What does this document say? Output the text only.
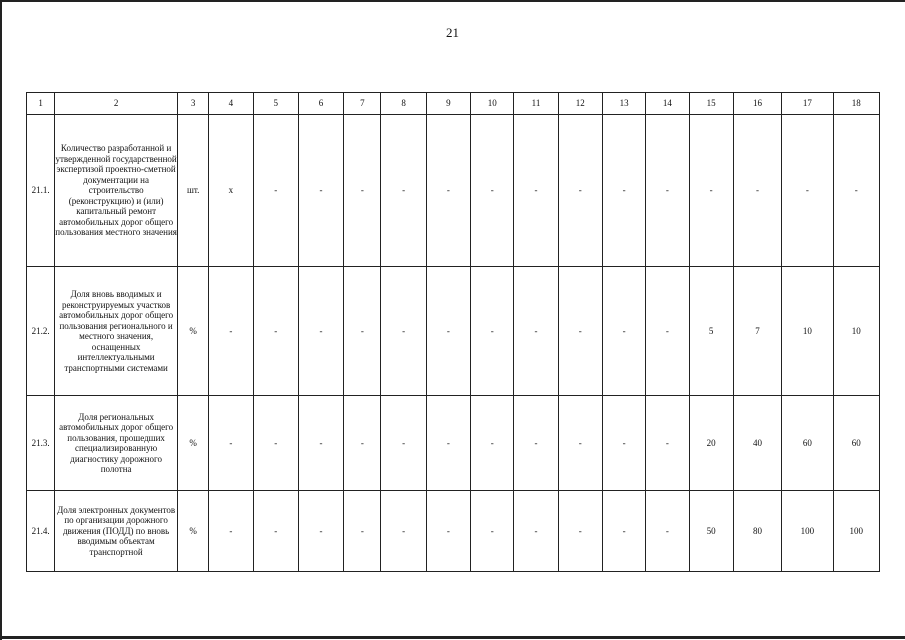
21
1	2	3	4	5	6	7	8	9	10	11	12	13	14	15	16	17	18
21.1.	Количество разработанной и утвержденной государственной экспертизой проектно-сметной документации на строительство (реконструкцию) и (или) капитальный ремонт автомобильных дорог общего пользования местного значения	шт.	x	-	-	-	-	-	-	-	-	-	-	-	-	-	-
21.2.	Доля вновь вводимых и реконструируемых участков автомобильных дорог общего пользования регионального и местного значения, оснащенных интеллектуальными транспортными системами	%	-	-	-	-	-	-	-	-	-	-	-	5	7	10	10
21.3.	Доля региональных автомобильных дорог общего пользования, прошедших специализированную диагностику дорожного полотна	%	-	-	-	-	-	-	-	-	-	-	-	20	40	60	60
21.4.	Доля электронных документов по организации дорожного движения (ПОДД) по вновь вводимым объектам транспортной	%	-	-	-	-	-	-	-	-	-	-	-	50	80	100	100
